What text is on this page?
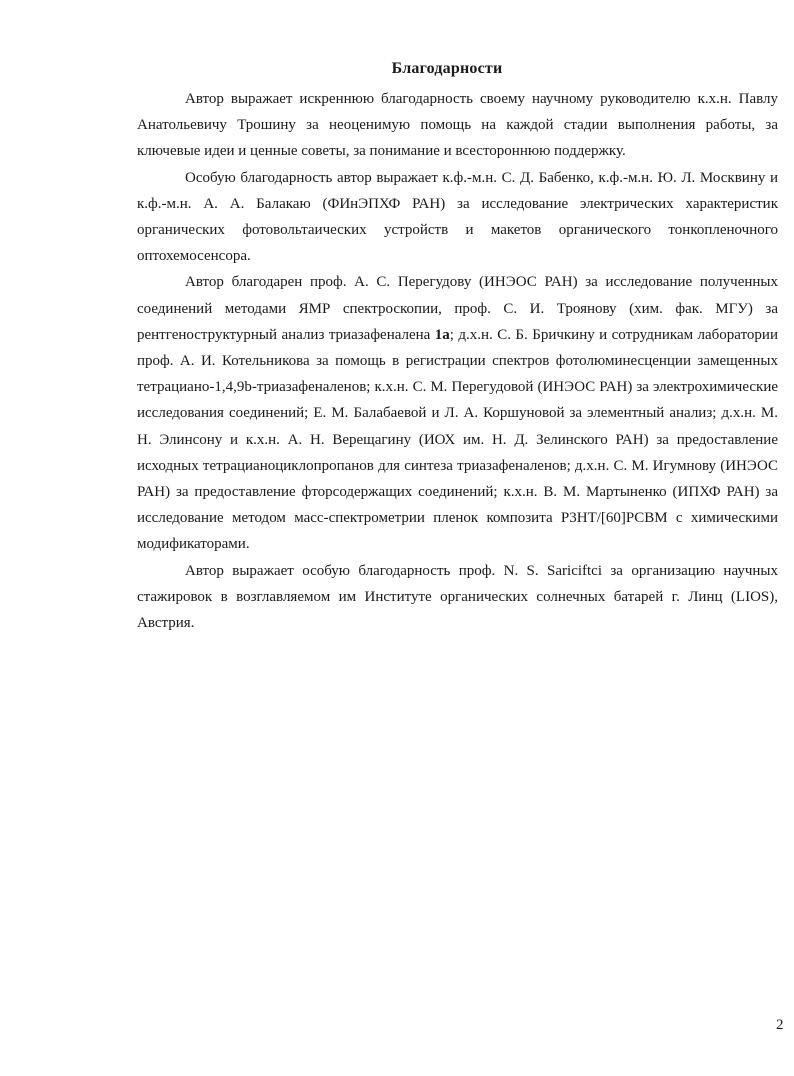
Благодарности

Автор выражает искреннюю благодарность своему научному руководителю к.х.н. Павлу Анатольевичу Трошину за неоценимую помощь на каждой стадии выполнения работы, за ключевые идеи и ценные советы, за понимание и всестороннюю поддержку.

Особую благодарность автор выражает к.ф.-м.н. С. Д. Бабенко, к.ф.-м.н. Ю. Л. Москвину и к.ф.-м.н. А. А. Балакаю (ФИнЭПХФ РАН) за исследование электрических характеристик органических фотовольтаических устройств и макетов органического тонкопленочного оптохемосенсора.

Автор благодарен проф. А. С. Перегудову (ИНЭОС РАН) за исследование полученных соединений методами ЯМР спектроскопии, проф. С. И. Троянову (хим. фак. МГУ) за рентгеноструктурный анализ триазафеналена 1a; д.х.н. С. Б. Бричкину и сотрудникам лаборатории проф. А. И. Котельникова за помощь в регистрации спектров фотолюминесценции замещенных тетрациано-1,4,9b-триазафеналенов; к.х.н. С. М. Перегудовой (ИНЭОС РАН) за электрохимические исследования соединений; Е. М. Балабаевой и Л. А. Коршуновой за элементный анализ; д.х.н. М. Н. Элинсону и к.х.н. А. Н. Верещагину (ИОХ им. Н. Д. Зелинского РАН) за предоставление исходных тетрацианоциклопропанов для синтеза триазафеналенов; д.х.н. С. М. Игумнову (ИНЭОС РАН) за предоставление фторсодержащих соединений; к.х.н. В. М. Мартыненко (ИПХФ РАН) за исследование методом масс-спектрометрии пленок композита P3HT/[60]PCBM с химическими модификаторами.

Автор выражает особую благодарность проф. N. S. Sariciftci за организацию научных стажировок в возглавляемом им Институте органических солнечных батарей г. Линц (LIOS), Австрия.

2
